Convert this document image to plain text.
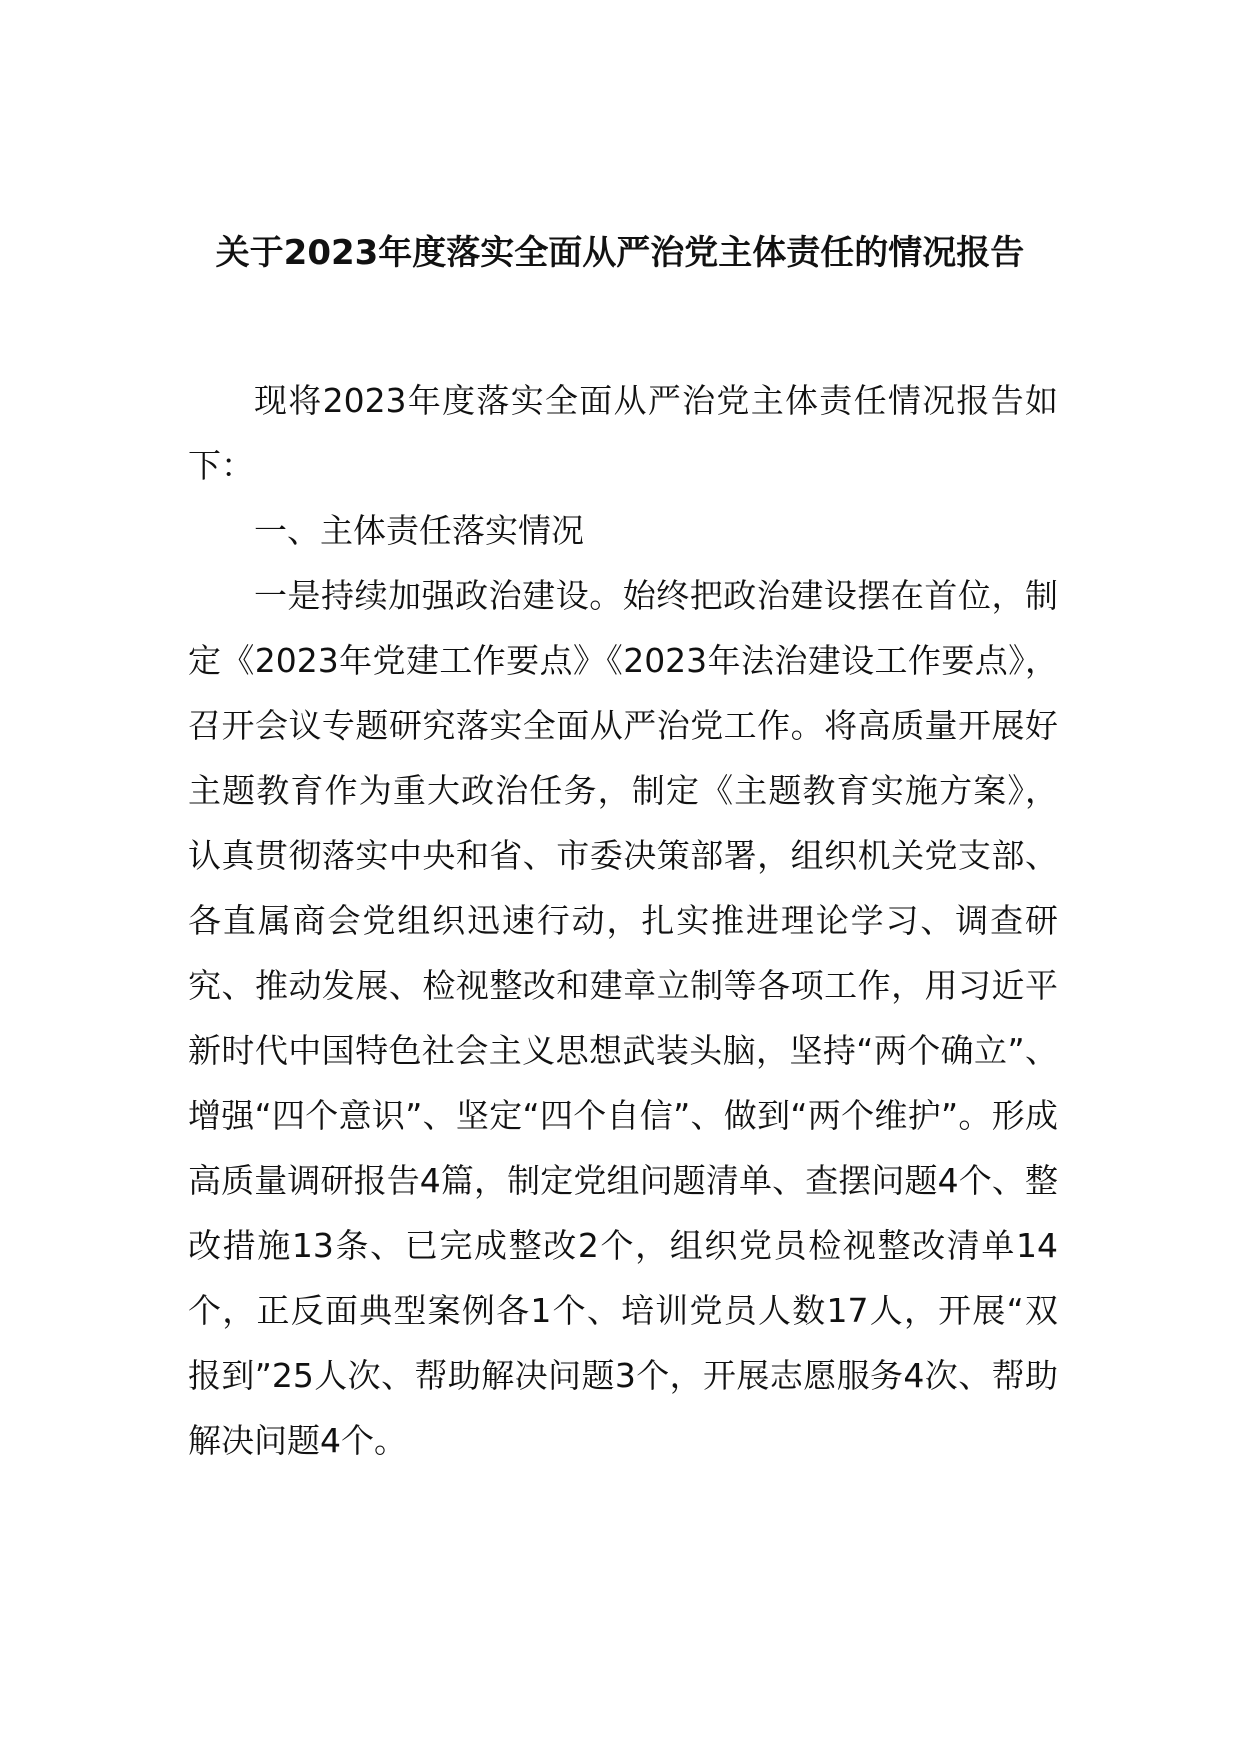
关于2023年度落实全面从严治党主体责任的情况报告

现将2023年度落实全面从严治党主体责任情况报告如下：

一、主体责任落实情况

一是持续加强政治建设。始终把政治建设摆在首位，制定《2023年党建工作要点》《2023年法治建设工作要点》，召开会议专题研究落实全面从严治党工作。将高质量开展好主题教育作为重大政治任务，制定《主题教育实施方案》，认真贯彻落实中央和省、市委决策部署，组织机关党支部、各直属商会党组织迅速行动，扎实推进理论学习、调查研究、推动发展、检视整改和建章立制等各项工作，用习近平新时代中国特色社会主义思想武装头脑，坚持“两个确立”、增强“四个意识”、坚定“四个自信”、做到“两个维护”。形成高质量调研报告4篇，制定党组问题清单、查摆问题4个、整改措施13条、已完成整改2个，组织党员检视整改清单14个，正反面典型案例各1个、培训党员人数17人，开展“双报到”25人次、帮助解决问题3个，开展志愿服务4次、帮助解决问题4个。
